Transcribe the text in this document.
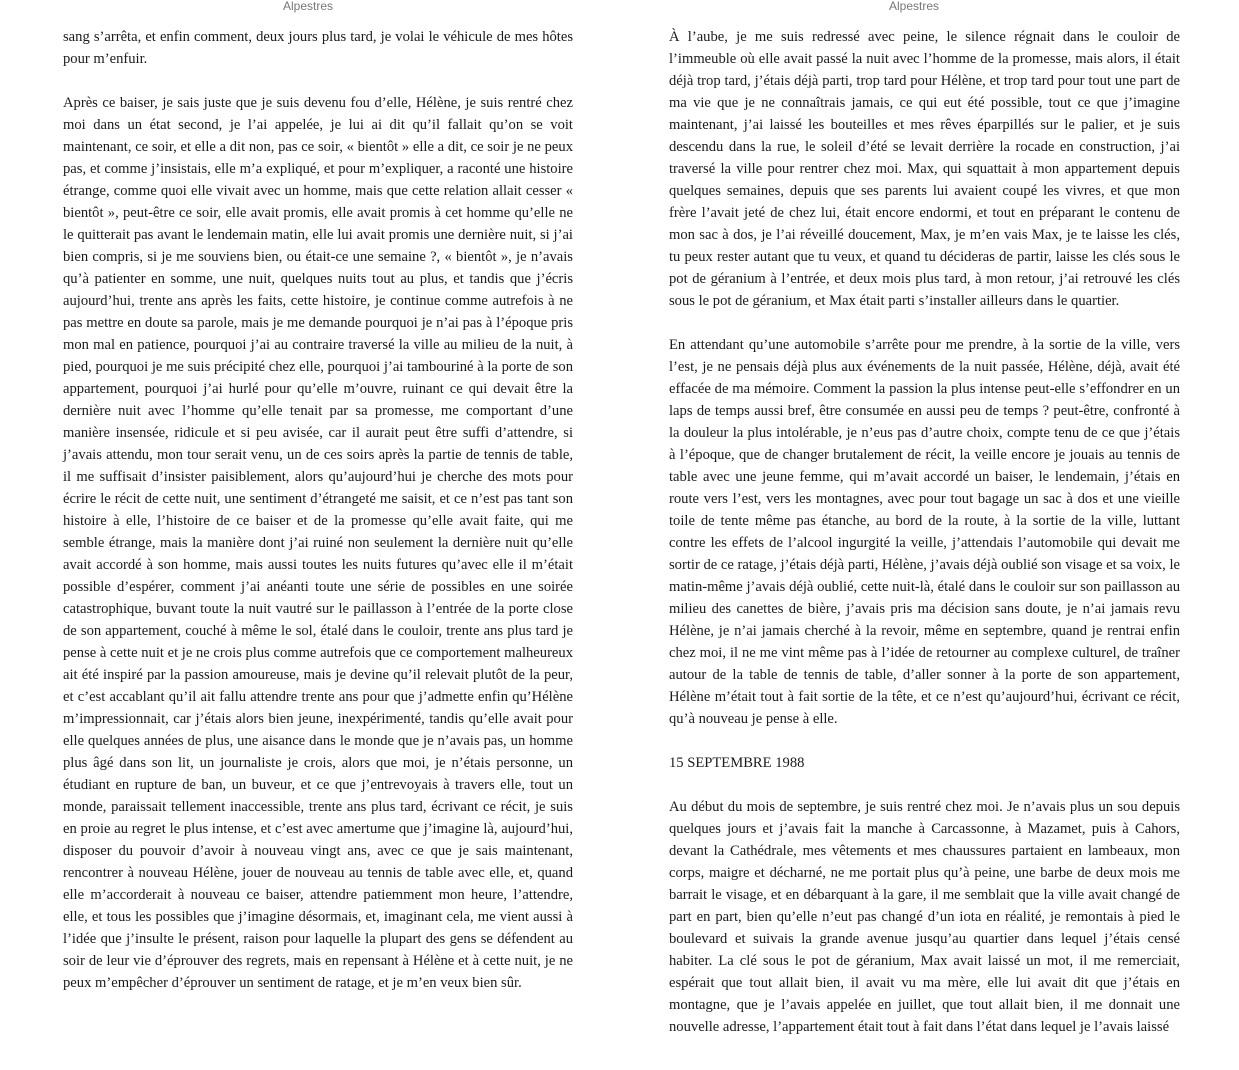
Alpestres

sang s’arrêta, et enfin comment, deux jours plus tard, je volai le véhicule de mes hôtes pour m’enfuir.

Après ce baiser, je sais juste que je suis devenu fou d’elle, Hélène, je suis rentré chez moi dans un état second, je l’ai appelée, je lui ai dit qu’il fallait qu’on se voit maintenant, ce soir, et elle a dit non, pas ce soir, « bientôt » elle a dit, ce soir je ne peux pas, et comme j’insistais, elle m’a expliqué, et pour m’expliquer, a raconté une histoire étrange, comme quoi elle vivait avec un homme, mais que cette relation allait cesser « bientôt », peut-être ce soir, elle avait promis, elle avait promis à cet homme qu’elle ne le quitterait pas avant le lendemain matin, elle lui avait promis une dernière nuit, si j’ai bien compris, si je me souviens bien, ou était-ce une semaine ?, « bientôt », je n’avais qu’à patienter en somme, une nuit, quelques nuits tout au plus, et tandis que j’écris aujourd’hui, trente ans après les faits, cette histoire, je continue comme autrefois à ne pas mettre en doute sa parole, mais je me demande pourquoi je n’ai pas à l’époque pris mon mal en patience, pourquoi j’ai au contraire traversé la ville au milieu de la nuit, à pied, pourquoi je me suis précipité chez elle, pourquoi j’ai tambouriné à la porte de son appartement, pourquoi j’ai hurlé pour qu’elle m’ouvre, ruinant ce qui devait être la dernière nuit avec l’homme qu’elle tenait par sa promesse, me comportant d’une manière insensée, ridicule et si peu avisée, car il aurait peut être suffi d’attendre, si j’avais attendu, mon tour serait venu, un de ces soirs après la partie de tennis de table, il me suffisait d’insister paisiblement, alors qu’aujourd’hui je cherche des mots pour écrire le récit de cette nuit, une sentiment d’étrangeté me saisit, et ce n’est pas tant son histoire à elle, l’histoire de ce baiser et de la promesse qu’elle avait faite, qui me semble étrange, mais la manière dont j’ai ruiné non seulement la dernière nuit qu’elle avait accordé à son homme, mais aussi toutes les nuits futures qu’avec elle il m’était possible d’espérer, comment j’ai anéanti toute une série de possibles en une soirée catastrophique, buvant toute la nuit vautré sur le paillasson à l’entrée de la porte close de son appartement, couché à même le sol, étalé dans le couloir, trente ans plus tard je pense à cette nuit et je ne crois plus comme autrefois que ce comportement malheureux ait été inspiré par la passion amoureuse, mais je devine qu’il relevait plutôt de la peur, et c’est accablant qu’il ait fallu attendre trente ans pour que j’admette enfin qu’Hélène m’impressionnait, car j’étais alors bien jeune, inexpérimenté, tandis qu’elle avait pour elle quelques années de plus, une aisance dans le monde que je n’avais pas, un homme plus âgé dans son lit, un journaliste je crois, alors que moi, je n’étais personne, un étudiant en rupture de ban, un buveur, et ce que j’entrevoyais à travers elle, tout un monde, paraissait tellement inaccessible, trente ans plus tard, écrivant ce récit, je suis en proie au regret le plus intense, et c’est avec amertume que j’imagine là, aujourd’hui, disposer du pouvoir d’avoir à nouveau vingt ans, avec ce que je sais maintenant, rencontrer à nouveau Hélène, jouer de nouveau au tennis de table avec elle, et, quand elle m’accorderait à nouveau ce baiser, attendre patiemment mon heure, l’attendre, elle, et tous les possibles que j’imagine désormais, et, imaginant cela, me vient aussi à l’idée que j’insulte le présent, raison pour laquelle la plupart des gens se défendent au soir de leur vie d’éprouver des regrets, mais en repensant à Hélène et à cette nuit, je ne peux m’empêcher d’éprouver un sentiment de ratage, et je m’en veux bien sûr.

Alpestres

À l’aube, je me suis redressé avec peine, le silence régnait dans le couloir de l’immeuble où elle avait passé la nuit avec l’homme de la promesse, mais alors, il était déjà trop tard, j’étais déjà parti, trop tard pour Hélène, et trop tard pour tout une part de ma vie que je ne connaîtrais jamais, ce qui eut été possible, tout ce que j’imagine maintenant, j’ai laissé les bouteilles et mes rêves éparpillés sur le palier, et je suis descendu dans la rue, le soleil d’été se levait derrière la rocade en construction, j’ai traversé la ville pour rentrer chez moi. Max, qui squattait à mon appartement depuis quelques semaines, depuis que ses parents lui avaient coupé les vivres, et que mon frère l’avait jeté de chez lui, était encore endormi, et tout en préparant le contenu de mon sac à dos, je l’ai réveillé doucement, Max, je m’en vais Max, je te laisse les clés, tu peux rester autant que tu veux, et quand tu décideras de partir, laisse les clés sous le pot de géranium à l’entrée, et deux mois plus tard, à mon retour, j’ai retrouvé les clés sous le pot de géranium, et Max était parti s’installer ailleurs dans le quartier.

En attendant qu’une automobile s’arrête pour me prendre, à la sortie de la ville, vers l’est, je ne pensais déjà plus aux événements de la nuit passée, Hélène, déjà, avait été effacée de ma mémoire. Comment la passion la plus intense peut-elle s’effondrer en un laps de temps aussi bref, être consumée en aussi peu de temps ? peut-être, confronté à la douleur la plus intolérable, je n’eus pas d’autre choix, compte tenu de ce que j’étais à l’époque, que de changer brutalement de récit, la veille encore je jouais au tennis de table avec une jeune femme, qui m’avait accordé un baiser, le lendemain, j’étais en route vers l’est, vers les montagnes, avec pour tout bagage un sac à dos et une vieille toile de tente même pas étanche, au bord de la route, à la sortie de la ville, luttant contre les effets de l’alcool ingurgité la veille, j’attendais l’automobile qui devait me sortir de ce ratage, j’étais déjà parti, Hélène, j’avais déjà oublié son visage et sa voix, le matin-même j’avais déjà oublié, cette nuit-là, étalé dans le couloir sur son paillasson au milieu des canettes de bière, j’avais pris ma décision sans doute, je n’ai jamais revu Hélène, je n’ai jamais cherché à la revoir, même en septembre, quand je rentrai enfin chez moi, il ne me vint même pas à l’idée de retourner au complexe culturel, de traîner autour de la table de tennis de table, d’aller sonner à la porte de son appartement, Hélène m’était tout à fait sortie de la tête, et ce n’est qu’aujourd’hui, écrivant ce récit, qu’à nouveau je pense à elle.

15 SEPTEMBRE 1988

Au début du mois de septembre, je suis rentré chez moi. Je n’avais plus un sou depuis quelques jours et j’avais fait la manche à Carcassonne, à Mazamet, puis à Cahors, devant la Cathédrale, mes vêtements et mes chaussures partaient en lambeaux, mon corps, maigre et décharné, ne me portait plus qu’à peine, une barbe de deux mois me barrait le visage, et en débarquant à la gare, il me semblait que la ville avait changé de part en part, bien qu’elle n’eut pas changé d’un iota en réalité, je remontais à pied le boulevard et suivais la grande avenue jusqu’au quartier dans lequel j’étais censé habiter. La clé sous le pot de géranium, Max avait laissé un mot, il me remerciait, espérait que tout allait bien, il avait vu ma mère, elle lui avait dit que j’étais en montagne, que je l’avais appelée en juillet, que tout allait bien, il me donnait une nouvelle adresse, l’appartement était tout à fait dans l’état dans lequel je l’avais laissé
